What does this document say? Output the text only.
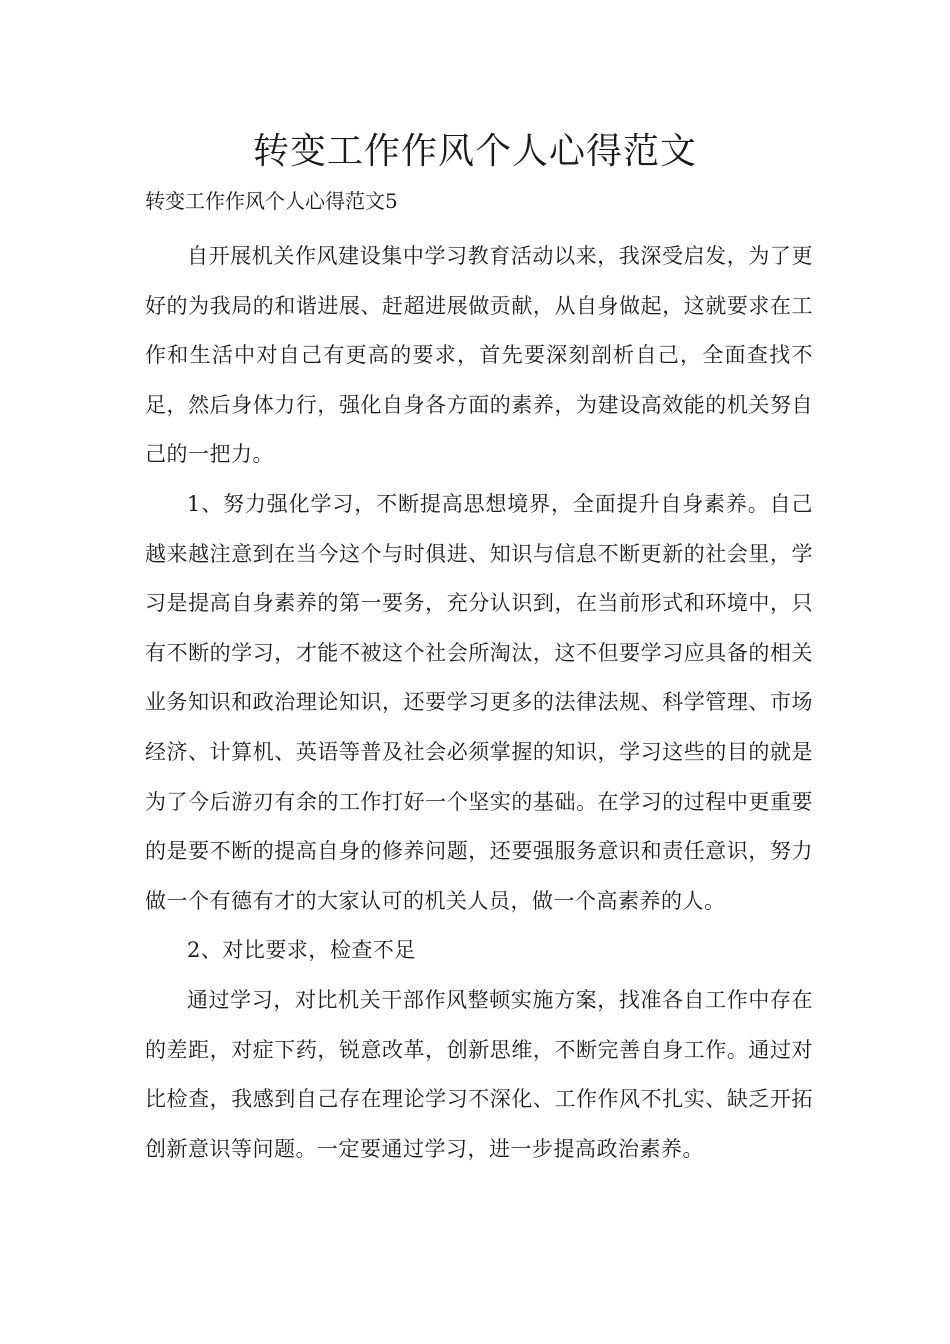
转变工作作风个人心得范文

转变工作作风个人心得范文5

自开展机关作风建设集中学习教育活动以来，我深受启发，为了更好的为我局的和谐进展、赶超进展做贡献，从自身做起，这就要求在工作和生活中对自己有更高的要求，首先要深刻剖析自己，全面查找不足，然后身体力行，强化自身各方面的素养，为建设高效能的机关努自己的一把力。

1、努力强化学习，不断提高思想境界，全面提升自身素养。自己越来越注意到在当今这个与时俱进、知识与信息不断更新的社会里，学习是提高自身素养的第一要务，充分认识到，在当前形式和环境中，只有不断的学习，才能不被这个社会所淘汰，这不但要学习应具备的相关业务知识和政治理论知识，还要学习更多的法律法规、科学管理、市场经济、计算机、英语等普及社会必须掌握的知识，学习这些的目的就是为了今后游刃有余的工作打好一个坚实的基础。在学习的过程中更重要的是要不断的提高自身的修养问题，还要强服务意识和责任意识，努力做一个有德有才的大家认可的机关人员，做一个高素养的人。

2、对比要求，检查不足

通过学习，对比机关干部作风整顿实施方案，找准各自工作中存在的差距，对症下药，锐意改革，创新思维，不断完善自身工作。通过对比检查，我感到自己存在理论学习不深化、工作作风不扎实、缺乏开拓创新意识等问题。一定要通过学习，进一步提高政治素养。
